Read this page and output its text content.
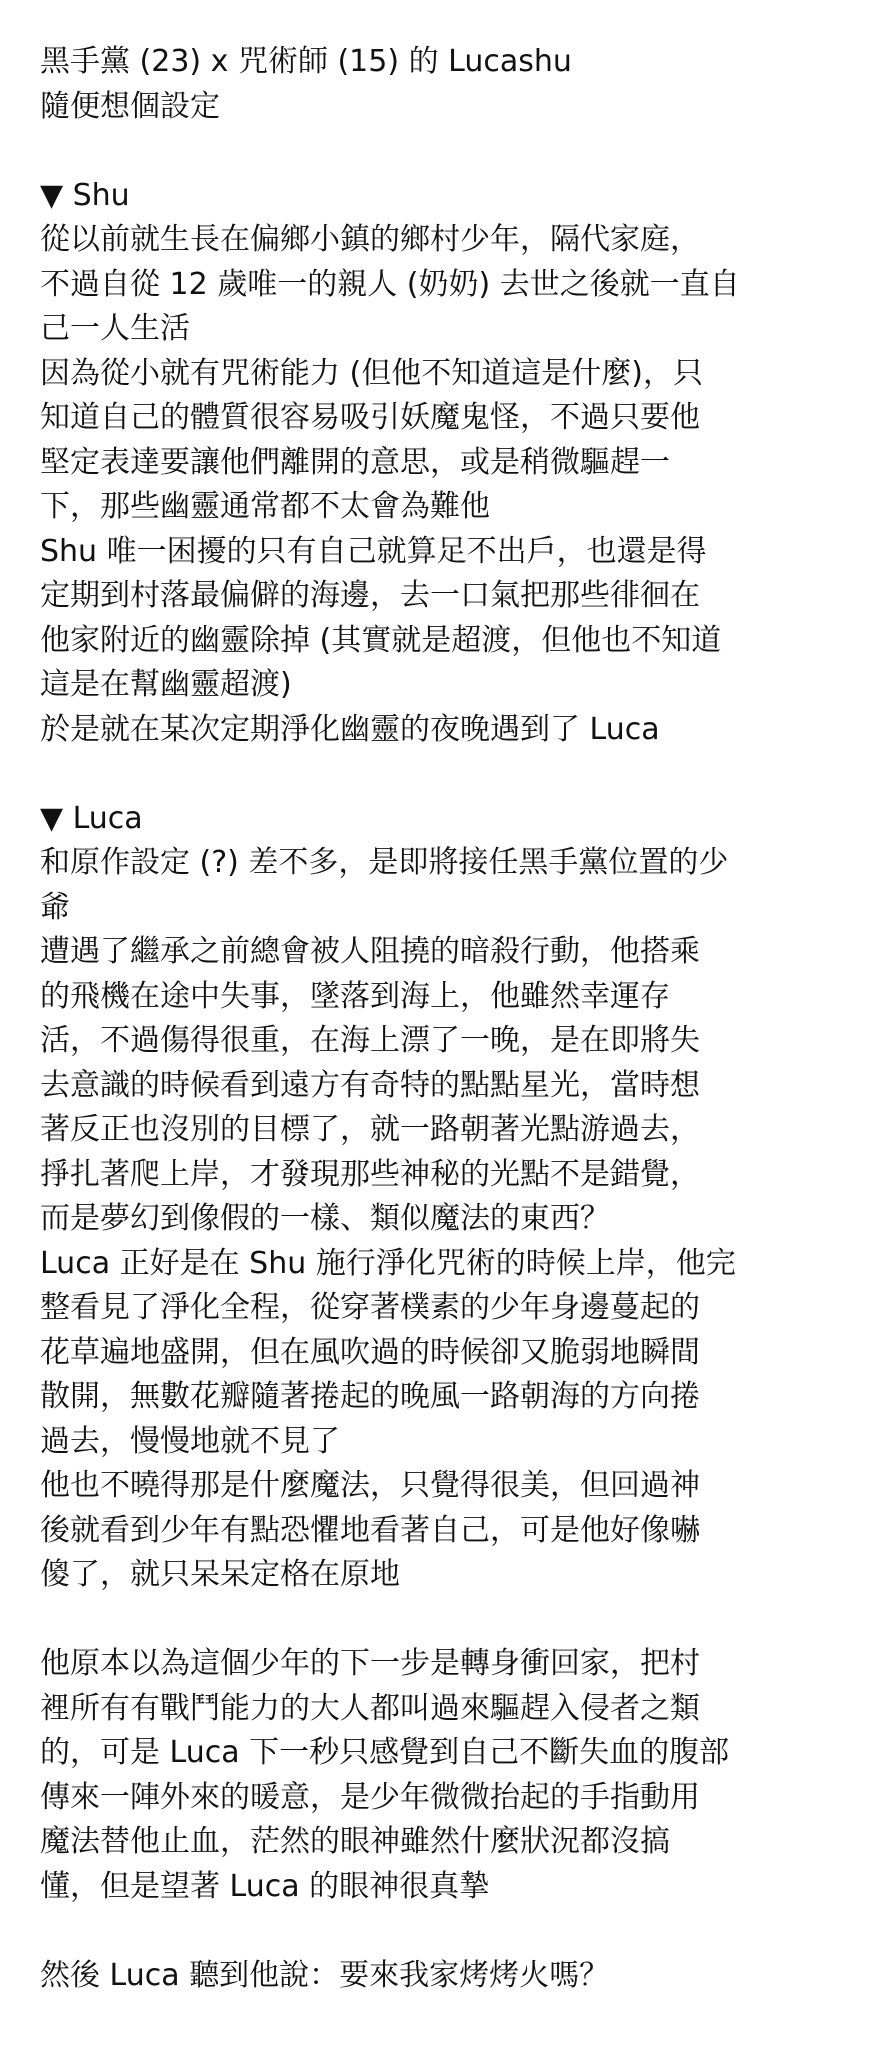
黑手黨 (23) x 咒術師 (15) 的 Lucashu
隨便想個設定
▼ Shu
從以前就生長在偏鄉小鎮的鄉村少年，隔代家庭，
不過自從 12 歲唯一的親人 (奶奶) 去世之後就一直自
己一人生活
因為從小就有咒術能力 (但他不知道這是什麼)，只
知道自己的體質很容易吸引妖魔鬼怪，不過只要他
堅定表達要讓他們離開的意思，或是稍微驅趕一
下，那些幽靈通常都不太會為難他
Shu 唯一困擾的只有自己就算足不出戶，也還是得
定期到村落最偏僻的海邊，去一口氣把那些徘徊在
他家附近的幽靈除掉 (其實就是超渡，但他也不知道
這是在幫幽靈超渡)
於是就在某次定期淨化幽靈的夜晚遇到了 Luca
▼ Luca
和原作設定 (?) 差不多，是即將接任黑手黨位置的少
爺
遭遇了繼承之前總會被人阻撓的暗殺行動，他搭乘
的飛機在途中失事，墜落到海上，他雖然幸運存
活，不過傷得很重，在海上漂了一晚，是在即將失
去意識的時候看到遠方有奇特的點點星光，當時想
著反正也沒別的目標了，就一路朝著光點游過去，
掙扎著爬上岸，才發現那些神秘的光點不是錯覺，
而是夢幻到像假的一樣、類似魔法的東西？
Luca 正好是在 Shu 施行淨化咒術的時候上岸，他完
整看見了淨化全程，從穿著樸素的少年身邊蔓起的
花草遍地盛開，但在風吹過的時候卻又脆弱地瞬間
散開，無數花瓣隨著捲起的晚風一路朝海的方向捲
過去，慢慢地就不見了
他也不曉得那是什麼魔法，只覺得很美，但回過神
後就看到少年有點恐懼地看著自己，可是他好像嚇
傻了，就只呆呆定格在原地
他原本以為這個少年的下一步是轉身衝回家，把村
裡所有有戰鬥能力的大人都叫過來驅趕入侵者之類
的，可是 Luca 下一秒只感覺到自己不斷失血的腹部
傳來一陣外來的暖意，是少年微微抬起的手指動用
魔法替他止血，茫然的眼神雖然什麼狀況都沒搞
懂，但是望著 Luca 的眼神很真摯
然後 Luca 聽到他說：要來我家烤烤火嗎？
